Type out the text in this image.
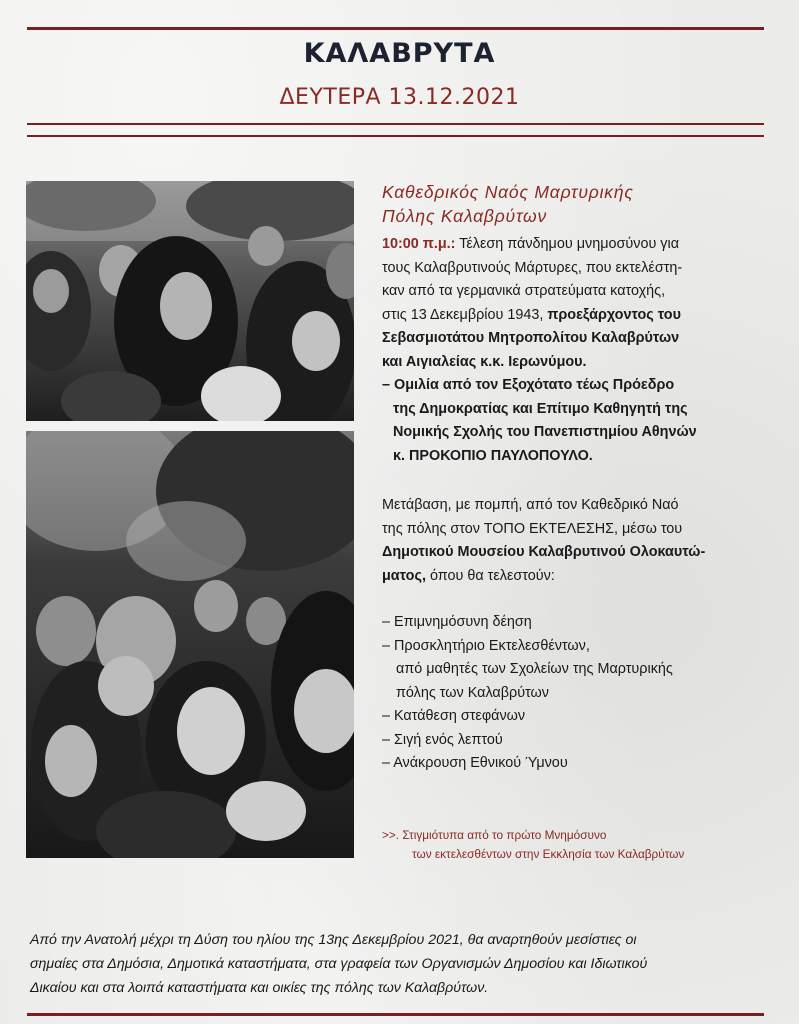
ΚΑΛΑΒΡΥΤΑ
ΔΕΥΤΕΡΑ 13.12.2021

Καθεδρικός Ναός Μαρτυρικής

Πόλης Καλαβρύτων

10:00 π.μ.: Τέλεση πάνδημου μνημοσύνου για

τους Καλαβρυτινούς Μάρτυρες, που εκτελέστη-

καν από τα γερμανικά στρατεύματα κατοχής,

στις 13 Δεκεμβρίου 1943, προεξάρχοντος του

Σεβασμιοτάτου Μητροπολίτου Καλαβρύτων

και Αιγιαλείας κ.κ. Ιερωνύμου.

– Ομιλία από τον Εξοχότατο τέως Πρόεδρο

της Δημοκρατίας και Επίτιμο Καθηγητή της

Νομικής Σχολής του Πανεπιστημίου Αθηνών

κ. ΠΡΟΚΟΠΙΟ ΠΑΥΛΟΠΟΥΛΟ.

Μετάβαση, με πομπή, από τον Καθεδρικό Ναό

της πόλης στον ΤΟΠΟ ΕΚΤΕΛΕΣΗΣ, μέσω του

Δημοτικού Μουσείου Καλαβρυτινού Ολοκαυτώ-

ματος, όπου θα τελεστούν:

– Επιμνημόσυνη δέηση

– Προσκλητήριο Εκτελεσθέντων,

από μαθητές των Σχολείων της Μαρτυρικής

πόλης των Καλαβρύτων

– Κατάθεση στεφάνων

– Σιγή ενός λεπτού

– Ανάκρουση Εθνικού Ύμνου

>>. Στιγμιότυπα από το πρώτο Μνημόσυνο

των εκτελεσθέντων στην Εκκλησία των Καλαβρύτων

Από την Ανατολή μέχρι τη Δύση του ηλίου της 13ης Δεκεμβρίου 2021, θα αναρτηθούν μεσίστιες οι

σημαίες στα Δημόσια, Δημοτικά καταστήματα, στα γραφεία των Οργανισμών Δημοσίου και Ιδιωτικού

Δικαίου και στα λοιπά καταστήματα και οικίες της πόλης των Καλαβρύτων.
